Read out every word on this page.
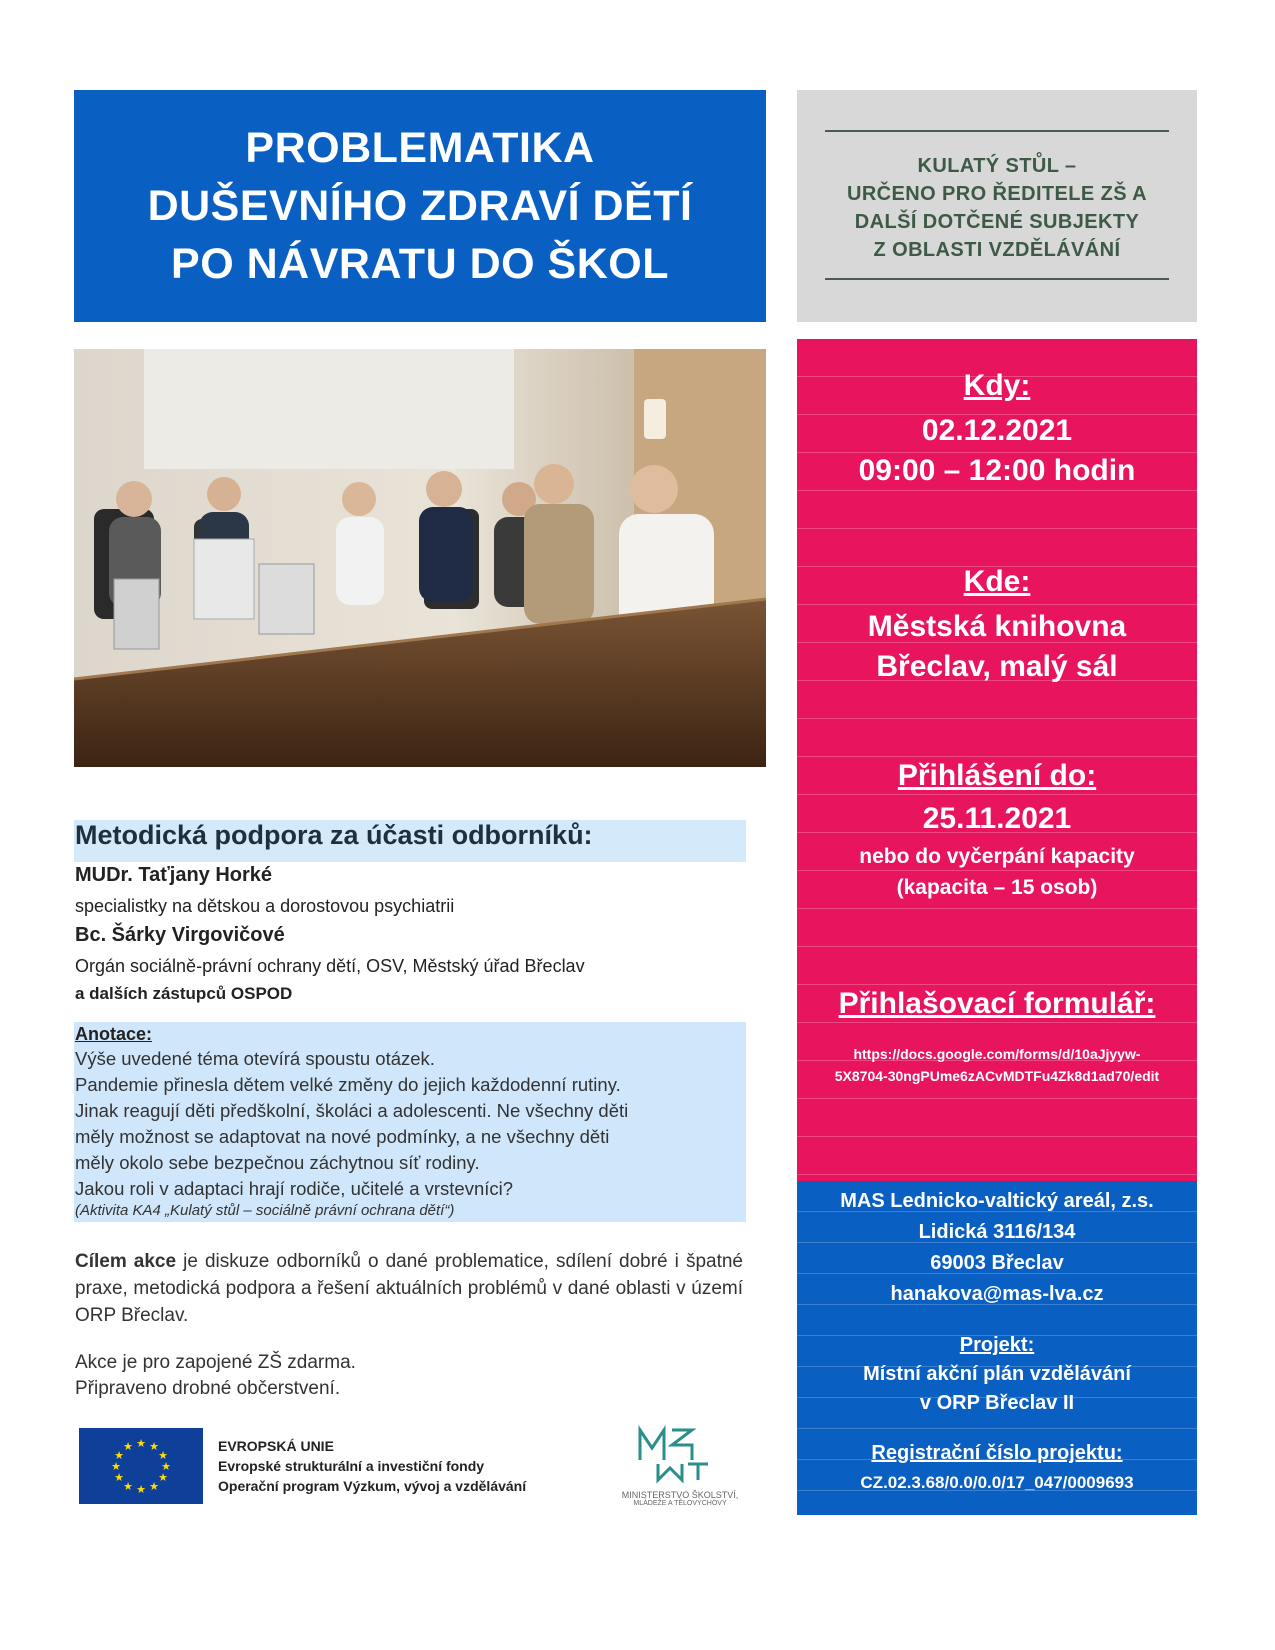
PROBLEMATIKA
DUŠEVNÍHO ZDRAVÍ DĚTÍ
PO NÁVRATU DO ŠKOL
KULATÝ STŮL –
URČENO PRO ŘEDITELE ZŠ A
DALŠÍ DOTČENÉ SUBJEKTY
Z OBLASTI VZDĚLÁVÁNÍ
Kdy:
02.12.2021
09:00 – 12:00 hodin
Kde:
Městská knihovna
Břeclav, malý sál
Přihlášení do:
25.11.2021
nebo do vyčerpání kapacity
(kapacita – 15 osob)
Přihlašovací formulář:
https://docs.google.com/forms/d/10aJjyyw-
5X8704-30ngPUme6zACvMDTFu4Zk8d1ad70/edit
MAS Lednicko-valtický areál, z.s.
Lidická 3116/134
69003 Břeclav
hanakova@mas-lva.cz
Projekt:
Místní akční plán vzdělávání
v ORP Břeclav II
Registrační číslo projektu:
CZ.02.3.68/0.0/0.0/17_047/0009693
Metodická podpora za účasti odborníků:
MUDr. Taťjany Horké
specialistky na dětskou a dorostovou psychiatrii
Bc. Šárky Virgovičové
Orgán sociálně-právní ochrany dětí, OSV, Městský úřad Břeclav
a dalších zástupců OSPOD
Anotace:
Výše uvedené téma otevírá spoustu otázek.
Pandemie přinesla dětem velké změny do jejich každodenní rutiny.
Jinak reagují děti předškolní, školáci a adolescenti. Ne všechny děti
měly možnost se adaptovat na nové podmínky, a ne všechny děti
měly okolo sebe bezpečnou záchytnou síť rodiny.
Jakou roli v adaptaci hrají rodiče, učitelé a vrstevníci?
(Aktivita KA4 „Kulatý stůl – sociálně právní ochrana dětí“)
Cílem akce je diskuze odborníků o dané problematice, sdílení dobré i špatné praxe, metodická podpora a řešení aktuálních problémů v dané oblasti v území ORP Břeclav.
Akce je pro zapojené ZŠ zdarma.
Připraveno drobné občerstvení.
★ ★
★
★
★
★
★
★
★
★
★
★	EVROPSKÁ UNIE
Evropské strukturální a investiční fondy
Operační program Výzkum, vývoj a vzdělávání
MINISTERSTVO ŠKOLSTVÍ,
MLÁDEŽE A TĚLOVÝCHOVY
